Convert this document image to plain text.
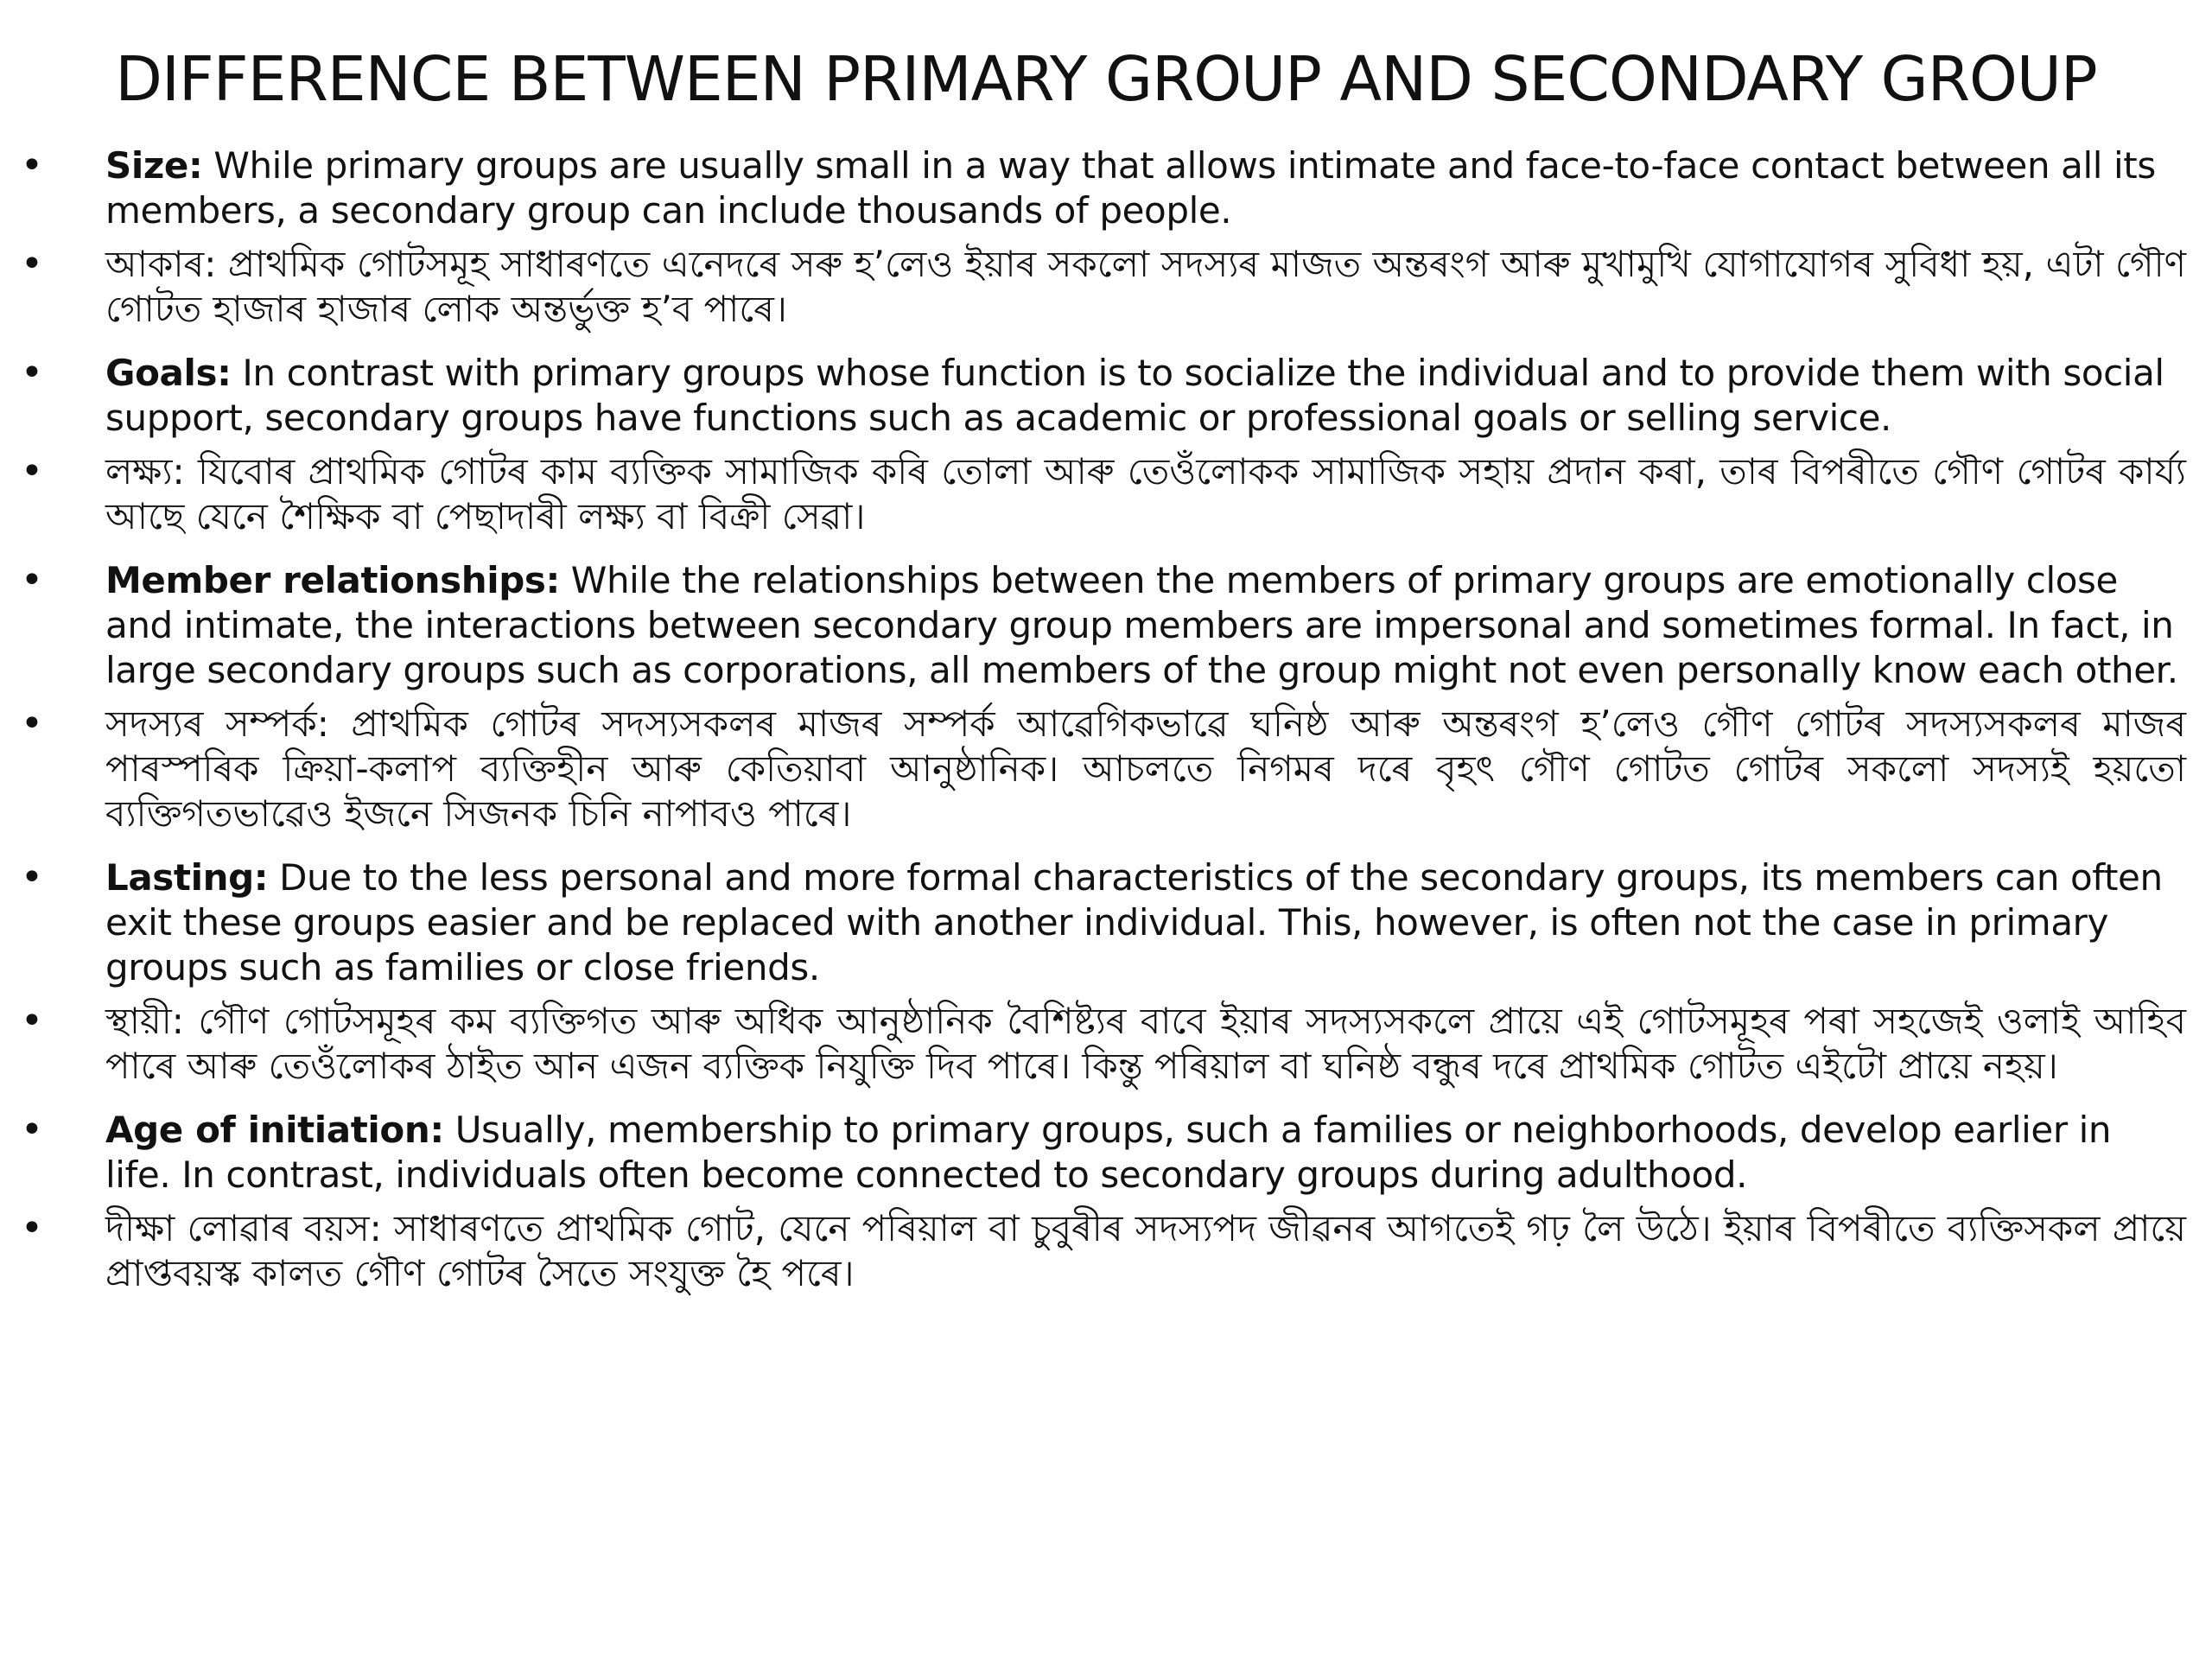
DIFFERENCE BETWEEN PRIMARY GROUP AND SECONDARY GROUP
• Size: While primary groups are usually small in a way that allows intimate and face-to-face contact between all its members, a secondary group can include thousands of people.
• আকাৰ: প্ৰাথমিক গোটসমূহ সাধাৰণতে এনেদৰে সৰু হ’লেও ইয়াৰ সকলো সদস্যৰ মাজত অন্তৰংগ আৰু মুখামুখি যোগাযোগৰ সুবিধা হয়, এটা গৌণ গোটত হাজাৰ হাজাৰ লোক অন্তৰ্ভুক্ত হ’ব পাৰে।
• Goals: In contrast with primary groups whose function is to socialize the individual and to provide them with social support, secondary groups have functions such as academic or professional goals or selling service.
• লক্ষ্য: যিবোৰ প্ৰাথমিক গোটৰ কাম ব্যক্তিক সামাজিক কৰি তোলা আৰু তেওঁলোকক সামাজিক সহায় প্ৰদান কৰা, তাৰ বিপৰীতে গৌণ গোটৰ কাৰ্য্য আছে যেনে শৈক্ষিক বা পেছাদাৰী লক্ষ্য বা বিক্ৰী সেৱা।
• Member relationships: While the relationships between the members of primary groups are emotionally close and intimate, the interactions between secondary group members are impersonal and sometimes formal. In fact, in large secondary groups such as corporations, all members of the group might not even personally know each other.
• সদস্যৰ সম্পৰ্ক: প্ৰাথমিক গোটৰ সদস্যসকলৰ মাজৰ সম্পৰ্ক আৱেগিকভাৱে ঘনিষ্ঠ আৰু অন্তৰংগ হ’লেও গৌণ গোটৰ সদস্যসকলৰ মাজৰ পাৰস্পৰিক ক্ৰিয়া-কলাপ ব্যক্তিহীন আৰু কেতিয়াবা আনুষ্ঠানিক। আচলতে নিগমৰ দৰে বৃহৎ গৌণ গোটত গোটৰ সকলো সদস্যই হয়তো ব্যক্তিগতভাৱেও ইজনে সিজনক চিনি নাপাবও পাৰে।
• Lasting: Due to the less personal and more formal characteristics of the secondary groups, its members can often exit these groups easier and be replaced with another individual. This, however, is often not the case in primary groups such as families or close friends.
• স্থায়ী: গৌণ গোটসমূহৰ কম ব্যক্তিগত আৰু অধিক আনুষ্ঠানিক বৈশিষ্ট্যৰ বাবে ইয়াৰ সদস্যসকলে প্ৰায়ে এই গোটসমূহৰ পৰা সহজেই ওলাই আহিব পাৰে আৰু তেওঁলোকৰ ঠাইত আন এজন ব্যক্তিক নিযুক্তি দিব পাৰে। কিন্তু পৰিয়াল বা ঘনিষ্ঠ বন্ধুৰ দৰে প্ৰাথমিক গোটত এইটো প্ৰায়ে নহয়।
• Age of initiation: Usually, membership to primary groups, such a families or neighborhoods, develop earlier in life. In contrast, individuals often become connected to secondary groups during adulthood.
• দীক্ষা লোৱাৰ বয়স: সাধাৰণতে প্ৰাথমিক গোট, যেনে পৰিয়াল বা চুবুৰীৰ সদস্যপদ জীৱনৰ আগতেই গঢ় লৈ উঠে। ইয়াৰ বিপৰীতে ব্যক্তিসকল প্ৰায়ে প্ৰাপ্তবয়স্ক কালত গৌণ গোটৰ সৈতে সংযুক্ত হৈ পৰে।
